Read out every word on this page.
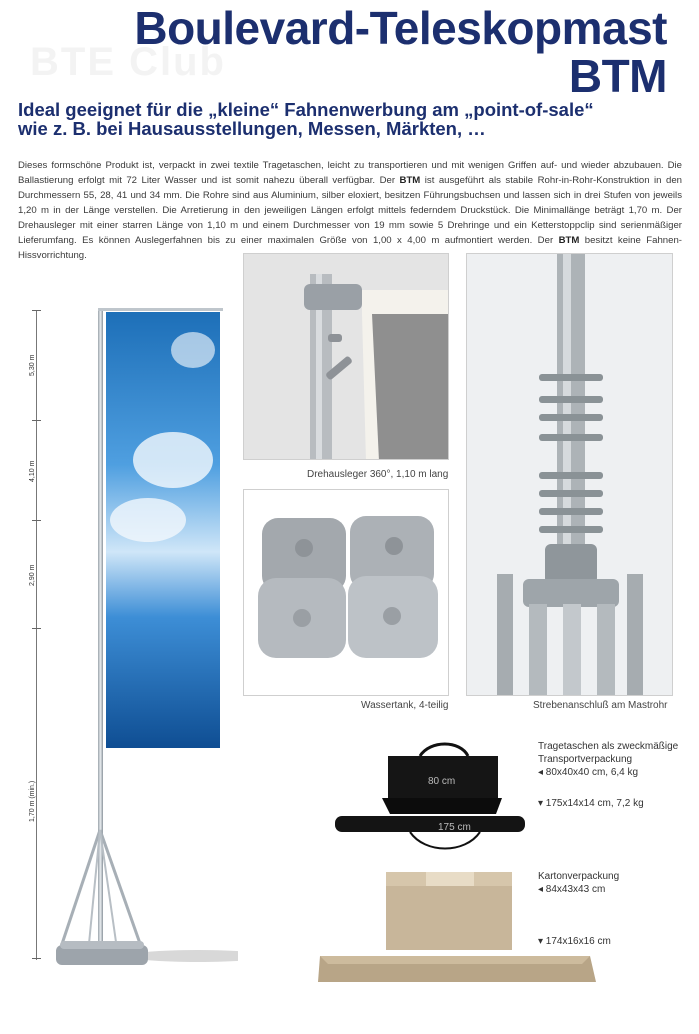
BTE Club
Boulevard-Teleskopmast
BTM
Ideal geeignet für die „kleine“ Fahnenwerbung am „point-of-sale“
wie z. B. bei Hausausstellungen, Messen, Märkten, …

Dieses formschöne Produkt ist, verpackt in zwei textile Tragetaschen, leicht zu transportieren und mit wenigen Griffen auf- und wieder abzubauen. Die Ballastierung erfolgt mit 72 Liter Wasser und ist somit nahezu überall verfügbar. Der BTM ist ausgeführt als stabile Rohr-in-Rohr-Konstruktion in den Durchmessern 55, 28, 41 und 34 mm. Die Rohre sind aus Aluminium, silber eloxiert, besitzen Führungsbuchsen und lassen sich in drei Stufen von jeweils 1,20 m in der Länge verstellen. Die Arretierung in den jeweiligen Längen erfolgt mittels federndem Druckstück. Die Minimallänge beträgt 1,70 m. Der Drehausleger mit einer starren Länge von 1,10 m und einem Durchmesser von 19 mm sowie 5 Drehringe und ein Ketterstoppclip sind serienmäßiger Lieferumfang. Es können Auslegerfahnen bis zu einer maximalen Größe von 1,00 x 4,00 m aufmontiert werden. Der BTM besitzt keine Fahnen-Hissvorrichtung.

5,30 m
4,10 m
2,90 m
1,70 m (min.)
Drehausleger 360°, 1,10 m lang
Wassertank, 4-teilig	Strebenanschluß am Mastrohr
80 cm
175 cm
Tragetaschen als zweckmäßige
Transportverpackung
◂ 80x40x40 cm, 6,4 kg
▾ 175x14x14 cm, 7,2 kg
Kartonverpackung
◂ 84x43x43 cm
▾ 174x16x16 cm
